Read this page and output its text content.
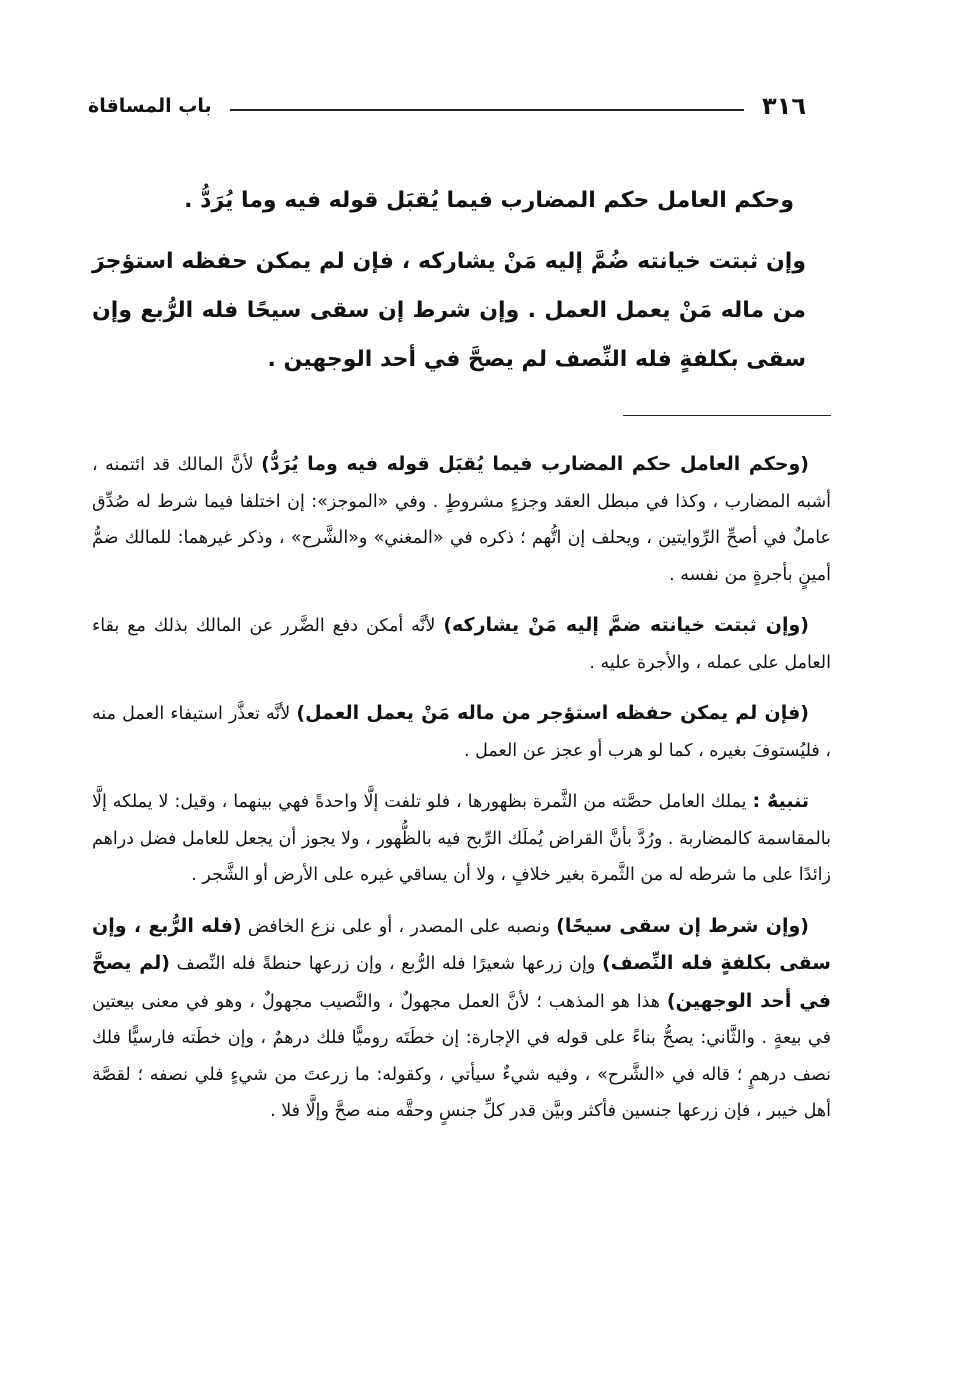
٣١٦
باب المساقاة

وحكم العامل حكم المضارب فيما يُقبَل قوله فيه وما يُرَدُّ .

وإن ثبتت خيانته ضُمَّ إليه مَنْ يشاركه ، فإن لم يمكن حفظه استؤجرَ من ماله مَنْ يعمل العمل . وإن شرط إن سقى سيحًا فله الرُّبع وإن سقى بكلفةٍ فله النِّصف لم يصحَّ في أحد الوجهين .

(وحكم العامل حكم المضارب فيما يُقبَل قوله فيه وما يُرَدُّ) لأنَّ المالك قد ائتمنه ، أشبه المضارب ، وكذا في مبطل العقد وجزءٍ مشروطٍ . وفي «الموجز»: إن اختلفا فيما شرط له صُدِّق عاملٌ في أصحِّ الرِّوايتين ، ويحلف إن اتُّهم ؛ ذكره في «المغني» و«الشَّرح» ، وذكر غيرهما: للمالك ضمُّ أمينٍ بأجرةٍ من نفسه .

(وإن ثبتت خيانته ضمَّ إليه مَنْ يشاركه) لأنَّه أمكن دفع الضَّرر عن المالك بذلك مع بقاء العامل على عمله ، والأجرة عليه .

(فإن لم يمكن حفظه استؤجر من ماله مَنْ يعمل العمل) لأنَّه تعذَّر استيفاء العمل منه ، فليُستوفَ بغيره ، كما لو هرب أو عجز عن العمل .

تنبيهٌ : يملك العامل حصَّته من الثَّمرة بظهورها ، فلو تلفت إلَّا واحدةً فهي بينهما ، وقيل: لا يملكه إلَّا بالمقاسمة كالمضاربة . ورُدَّ بأنَّ القراض يُملَك الرِّبح فيه بالظُّهور ، ولا يجوز أن يجعل للعامل فضل دراهم زائدًا على ما شرطه له من الثَّمرة بغير خلافٍ ، ولا أن يساقي غيره على الأرض أو الشَّجر .

(وإن شرط إن سقى سيحًا) ونصبه على المصدر ، أو على نزع الخافض (فله الرُّبع ، وإن سقى بكلفةٍ فله النِّصف) وإن زرعها شعيرًا فله الرُّبع ، وإن زرعها حنطةً فله النِّصف (لم يصحَّ في أحد الوجهين) هذا هو المذهب ؛ لأنَّ العمل مجهولٌ ، والنَّصيب مجهولٌ ، وهو في معنى بيعتين في بيعةٍ . والثَّاني: يصحُّ بناءً على قوله في الإجارة: إن خطَتَه روميًّا فلك درهمٌ ، وإن خطَته فارسيًّا فلك نصف درهمٍ ؛ قاله في «الشَّرح» ، وفيه شيءٌ سيأتي ، وكقوله: ما زرعتَ من شيءٍ فلي نصفه ؛ لقصَّة أهل خيبر ، فإن زرعها جنسين فأكثر وبيَّن قدر كلِّ جنسٍ وحقَّه منه صحَّ وإلَّا فلا .
